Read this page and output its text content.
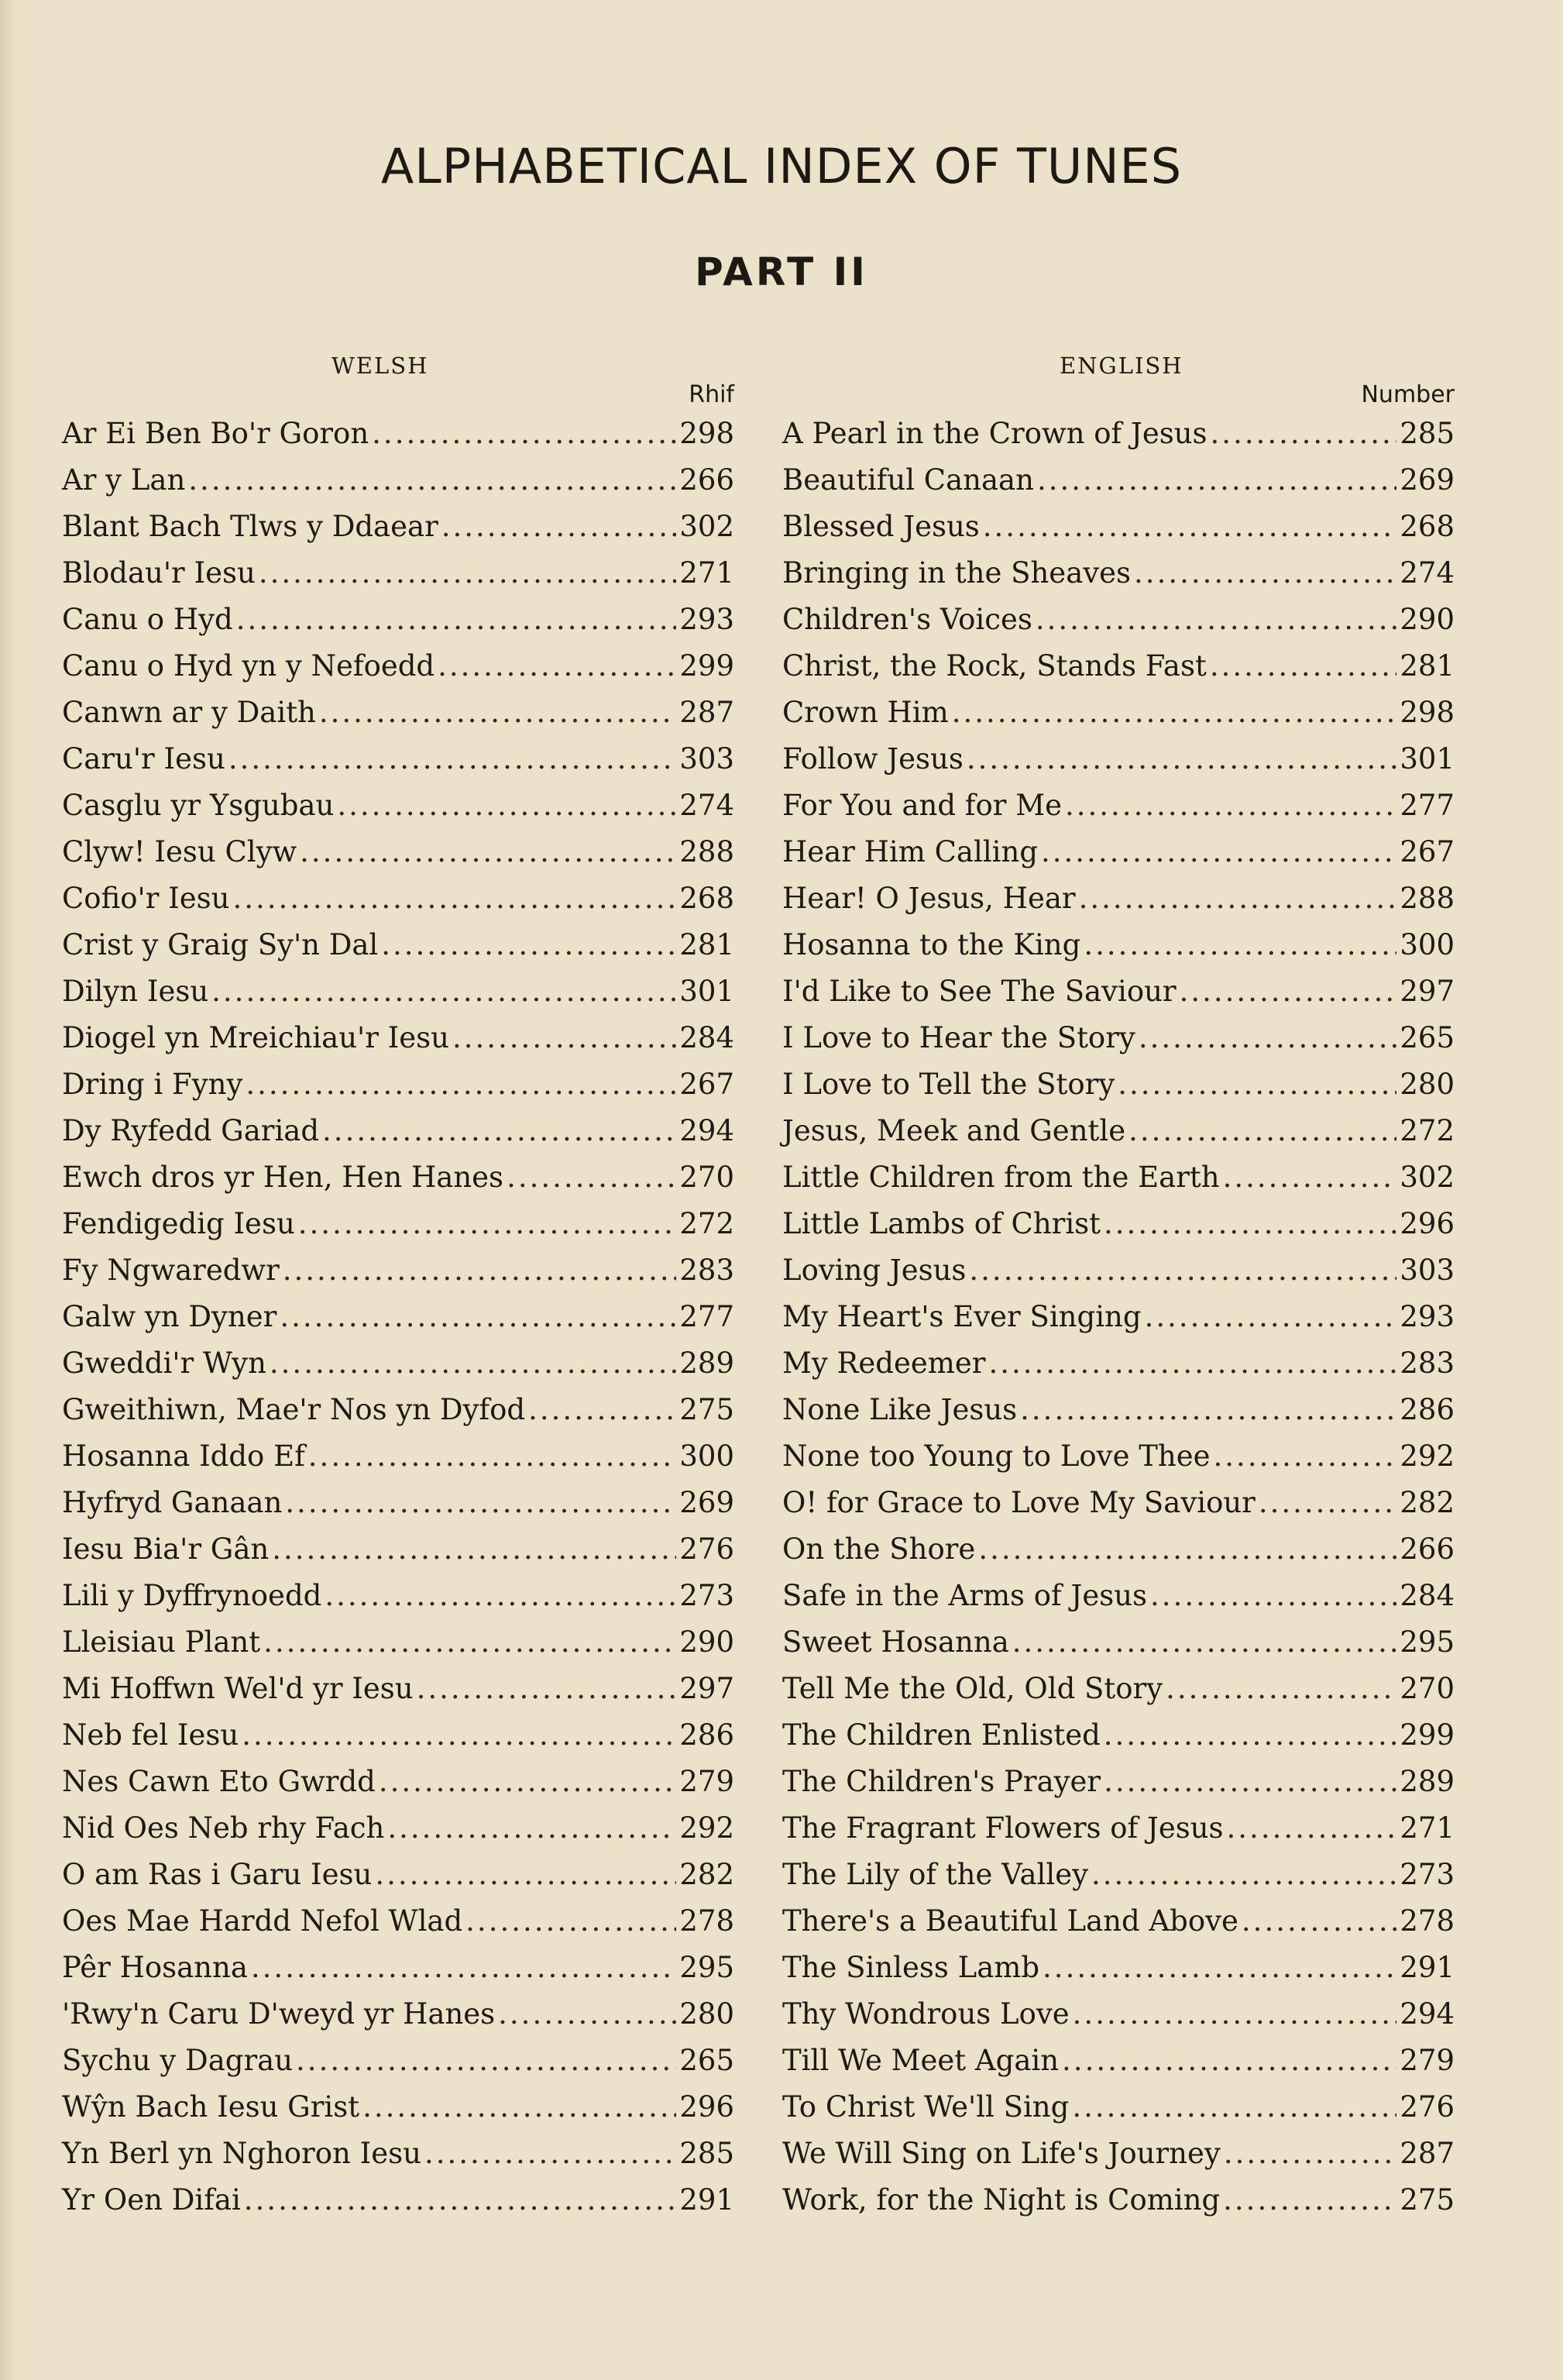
ALPHABETICAL INDEX OF TUNES
PART II
WELSH
Rhif
ENGLISH
Number
Ar Ei Ben Bo'r Goron .....	298
Ar y Lan .....	266
Blant Bach Tlws y Ddaear .....	302
Blodau'r Iesu .....	271
Canu o Hyd .....	293
Canu o Hyd yn y Nefoedd .....	299
Canwn ar y Daith .....	287
Caru'r Iesu .....	303
Casglu yr Ysgubau .....	274
Clyw! Iesu Clyw .....	288
Cofio'r Iesu .....	268
Crist y Graig Sy'n Dal .....	281
Dilyn Iesu .....	301
Diogel yn Mreichiau'r Iesu .....	284
Dring i Fyny .....	267
Dy Ryfedd Gariad .....	294
Ewch dros yr Hen, Hen Hanes .....	270
Fendigedig Iesu .....	272
Fy Ngwaredwr .....	283
Galw yn Dyner .....	277
Gweddi'r Wyn .....	289
Gweithiwn, Mae'r Nos yn Dyfod .....	275
Hosanna Iddo Ef .....	300
Hyfryd Ganaan .....	269
Iesu Bia'r Gân .....	276
Lili y Dyffrynoedd .....	273
Lleisiau Plant .....	290
Mi Hoffwn Wel'd yr Iesu .....	297
Neb fel Iesu .....	286
Nes Cawn Eto Gwrdd .....	279
Nid Oes Neb rhy Fach .....	292
O am Ras i Garu Iesu .....	282
Oes Mae Hardd Nefol Wlad .....	278
Pêr Hosanna .....	295
'Rwy'n Caru D'weyd yr Hanes .....	280
Sychu y Dagrau .....	265
Wŷn Bach Iesu Grist .....	296
Yn Berl yn Nghoron Iesu .....	285
Yr Oen Difai .....	291
A Pearl in the Crown of Jesus .....	285
Beautiful Canaan .....	269
Blessed Jesus .....	268
Bringing in the Sheaves .....	274
Children's Voices .....	290
Christ, the Rock, Stands Fast .....	281
Crown Him .....	298
Follow Jesus .....	301
For You and for Me .....	277
Hear Him Calling .....	267
Hear! O Jesus, Hear .....	288
Hosanna to the King .....	300
I'd Like to See The Saviour .....	297
I Love to Hear the Story .....	265
I Love to Tell the Story .....	280
Jesus, Meek and Gentle .....	272
Little Children from the Earth .....	302
Little Lambs of Christ .....	296
Loving Jesus .....	303
My Heart's Ever Singing .....	293
My Redeemer .....	283
None Like Jesus .....	286
None too Young to Love Thee .....	292
O! for Grace to Love My Saviour .....	282
On the Shore .....	266
Safe in the Arms of Jesus .....	284
Sweet Hosanna .....	295
Tell Me the Old, Old Story .....	270
The Children Enlisted .....	299
The Children's Prayer .....	289
The Fragrant Flowers of Jesus .....	271
The Lily of the Valley .....	273
There's a Beautiful Land Above .....	278
The Sinless Lamb .....	291
Thy Wondrous Love .....	294
Till We Meet Again .....	279
To Christ We'll Sing .....	276
We Will Sing on Life's Journey .....	287
Work, for the Night is Coming .....	275
